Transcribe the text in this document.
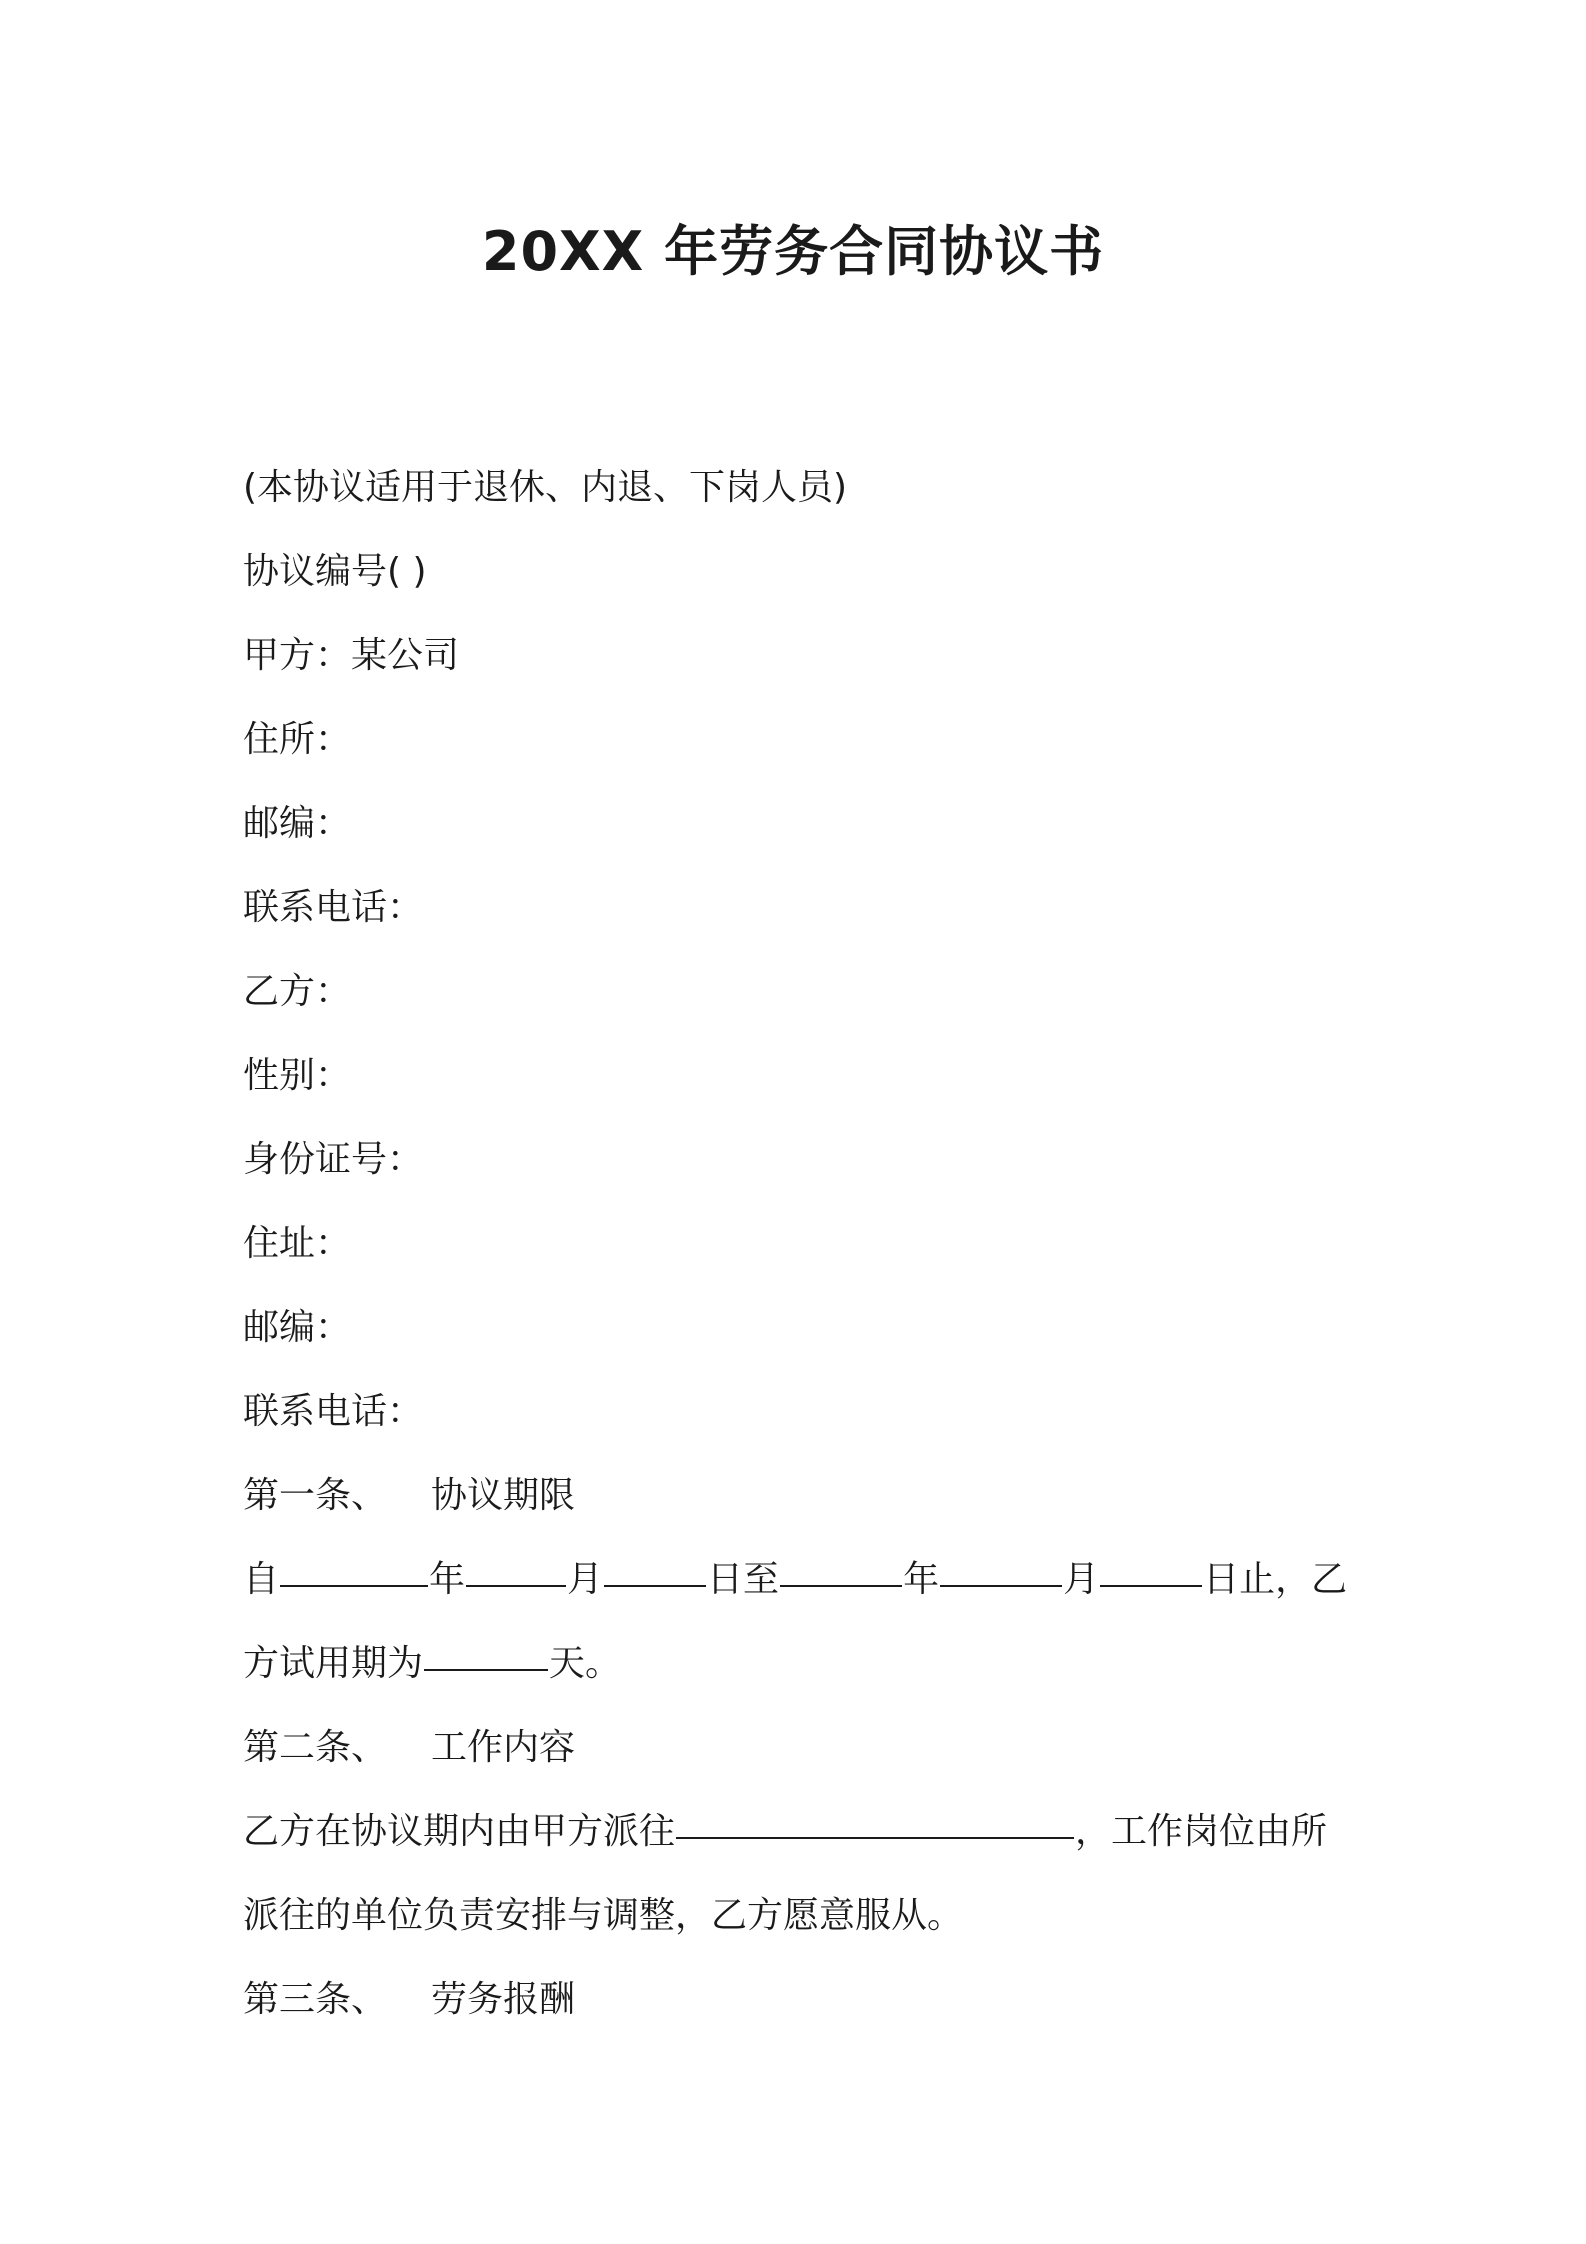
20XX 年劳务合同协议书
(本协议适用于退休、内退、下岗人员)
协议编号( )
甲方：某公司
住所：
邮编：
联系电话：
乙方：
性别：
身份证号：
住址：
邮编：
联系电话：
第一条、 协议期限
自	年	月	日至	年	月	日止，乙
方试用期为	天。
第二条、 工作内容
乙方在协议期内由甲方派往	，工作岗位由所
派往的单位负责安排与调整，乙方愿意服从。
第三条、 劳务报酬
